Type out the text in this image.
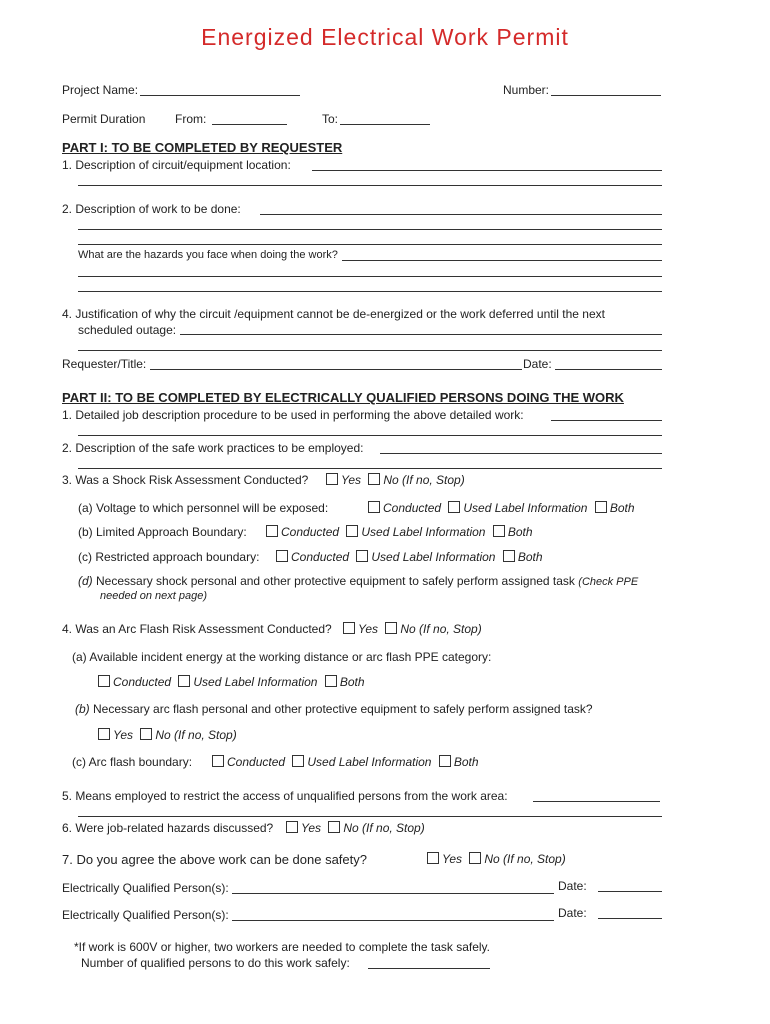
Energized Electrical Work Permit
Project Name:	Number:
Permit Duration From:	To:
PART I: TO BE COMPLETED BY REQUESTER
1. Description of circuit/equipment location:
2. Description of work to be done:
What are the hazards you face when doing the work?
4. Justification of why the circuit /equipment cannot be de-energized or the work deferred until the next
scheduled outage:
Requester/Title:	Date:
PART II: TO BE COMPLETED BY ELECTRICALLY QUALIFIED PERSONS DOING THE WORK
1. Detailed job description procedure to be used in performing the above detailed work:
2. Description of the safe work practices to be employed:
3. Was a Shock Risk Assessment Conducted?	Yes No (If no, Stop)
(a) Voltage to which personnel will be exposed:	Conducted Used Label Information Both
(b) Limited Approach Boundary:	Conducted Used Label Information Both
(c) Restricted approach boundary:	Conducted Used Label Information Both
(d) Necessary shock personal and other protective equipment to safely perform assigned task (Check PPE
needed on next page)
4. Was an Arc Flash Risk Assessment Conducted?	Yes No (If no, Stop)
(a) Available incident energy at the working distance or arc flash PPE category:
Conducted Used Label Information Both
(b) Necessary arc flash personal and other protective equipment to safely perform assigned task?
Yes No (If no, Stop)
(c) Arc flash boundary:	Conducted Used Label Information Both
5. Means employed to restrict the access of unqualified persons from the work area:
6. Were job-related hazards discussed?	Yes No (If no, Stop)
7. Do you agree the above work can be done safety?	Yes No (If no, Stop)
Electrically Qualified Person(s):	Date:
Electrically Qualified Person(s):	Date:
*If work is 600V or higher, two workers are needed to complete the task safely.
Number of qualified persons to do this work safely:
